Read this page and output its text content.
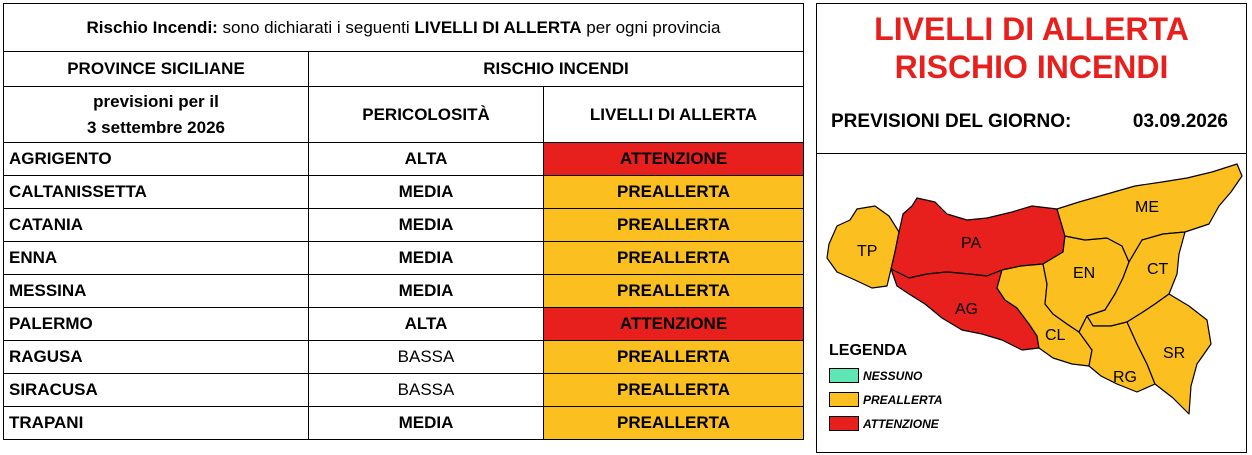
Rischio Incendi: sono dichiarati i seguenti LIVELLI DI ALLERTA per ogni provincia		
PROVINCE SICILIANE	RISCHIO INCENDI	

previsioni per il
3 settembre 2026	PERICOLOSITÀ	LIVELLI DI ALLERTA
AGRIGENTO	ALTA	ATTENZIONE
CALTANISSETTA	MEDIA	PREALLERTA
CATANIA	MEDIA	PREALLERTA
ENNA	MEDIA	PREALLERTA
MESSINA	MEDIA	PREALLERTA
PALERMO	ALTA	ATTENZIONE
RAGUSA	BASSA	PREALLERTA
SIRACUSA	BASSA	PREALLERTA
TRAPANI	MEDIA	PREALLERTA
LIVELLI DI ALLERTA
RISCHIO INCENDI
PREVISIONI DEL GIORNO:	03.09.2026
TP	PA
AG
ME
EN	CT
CL
SR
RG
LEGENDA
NESSUNO
PREALLERTA
ATTENZIONE
